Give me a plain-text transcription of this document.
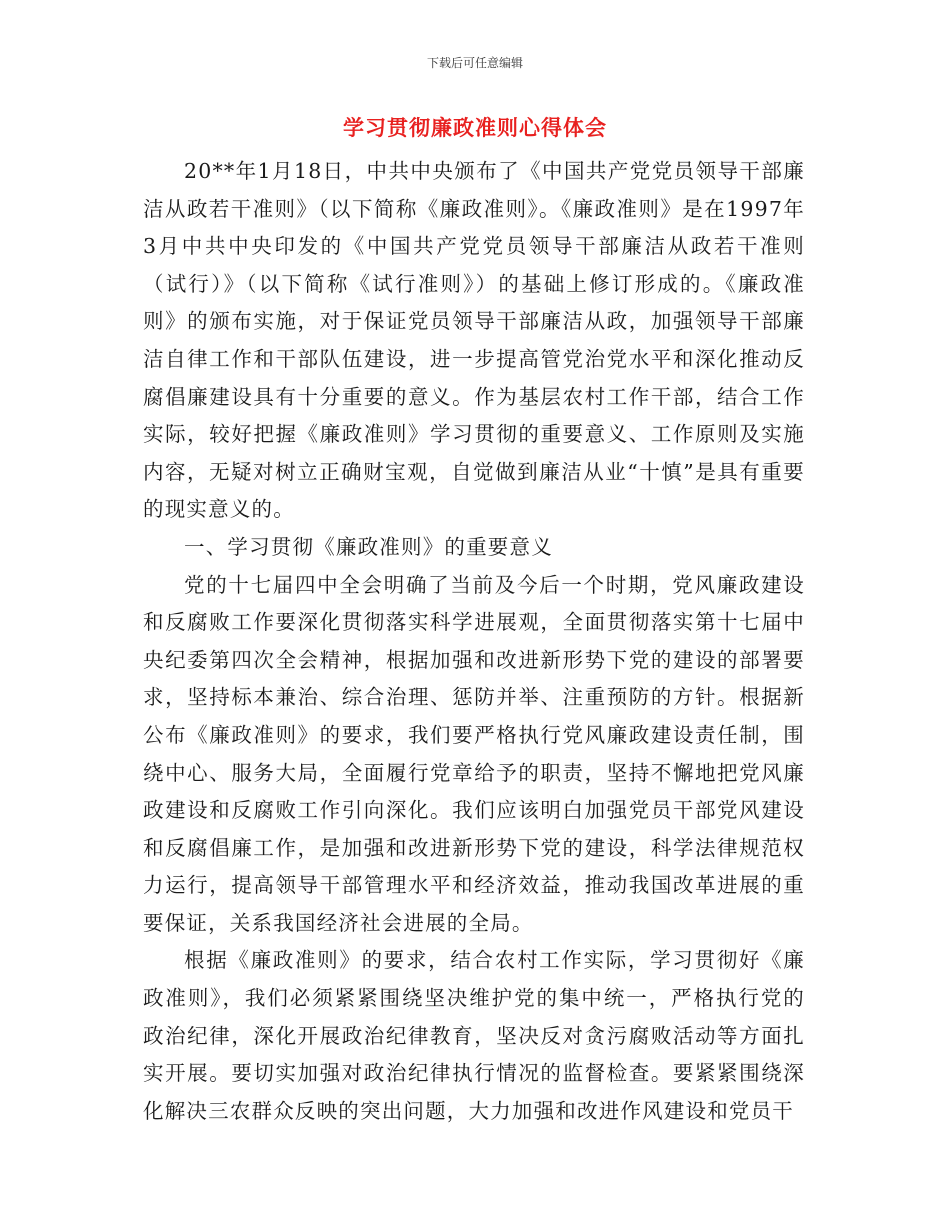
下载后可任意编辑
学习贯彻廉政准则心得体会

20**年1月18日，中共中央颁布了《中国共产党党员领导干部廉洁从政若干准则》（以下简称《廉政准则》。《廉政准则》是在1997年3月中共中央印发的《中国共产党党员领导干部廉洁从政若干准则（试行）》（以下简称《试行准则》）的基础上修订形成的。《廉政准则》的颁布实施，对于保证党员领导干部廉洁从政，加强领导干部廉洁自律工作和干部队伍建设，进一步提高管党治党水平和深化推动反腐倡廉建设具有十分重要的意义。作为基层农村工作干部，结合工作实际，较好把握《廉政准则》学习贯彻的重要意义、工作原则及实施内容，无疑对树立正确财宝观，自觉做到廉洁从业“十慎”是具有重要的现实意义的。

一、学习贯彻《廉政准则》的重要意义

党的十七届四中全会明确了当前及今后一个时期，党风廉政建设和反腐败工作要深化贯彻落实科学进展观，全面贯彻落实第十七届中央纪委第四次全会精神，根据加强和改进新形势下党的建设的部署要求，坚持标本兼治、综合治理、惩防并举、注重预防的方针。根据新公布《廉政准则》的要求，我们要严格执行党风廉政建设责任制，围绕中心、服务大局，全面履行党章给予的职责，坚持不懈地把党风廉政建设和反腐败工作引向深化。我们应该明白加强党员干部党风建设和反腐倡廉工作，是加强和改进新形势下党的建设，科学法律规范权力运行，提高领导干部管理水平和经济效益，推动我国改革进展的重要保证，关系我国经济社会进展的全局。

根据《廉政准则》的要求，结合农村工作实际，学习贯彻好《廉政准则》，我们必须紧紧围绕坚决维护党的集中统一，严格执行党的政治纪律，深化开展政治纪律教育，坚决反对贪污腐败活动等方面扎实开展。要切实加强对政治纪律执行情况的监督检查。要紧紧围绕深化解决三农群众反映的突出问题，大力加强和改进作风建设和党员干
